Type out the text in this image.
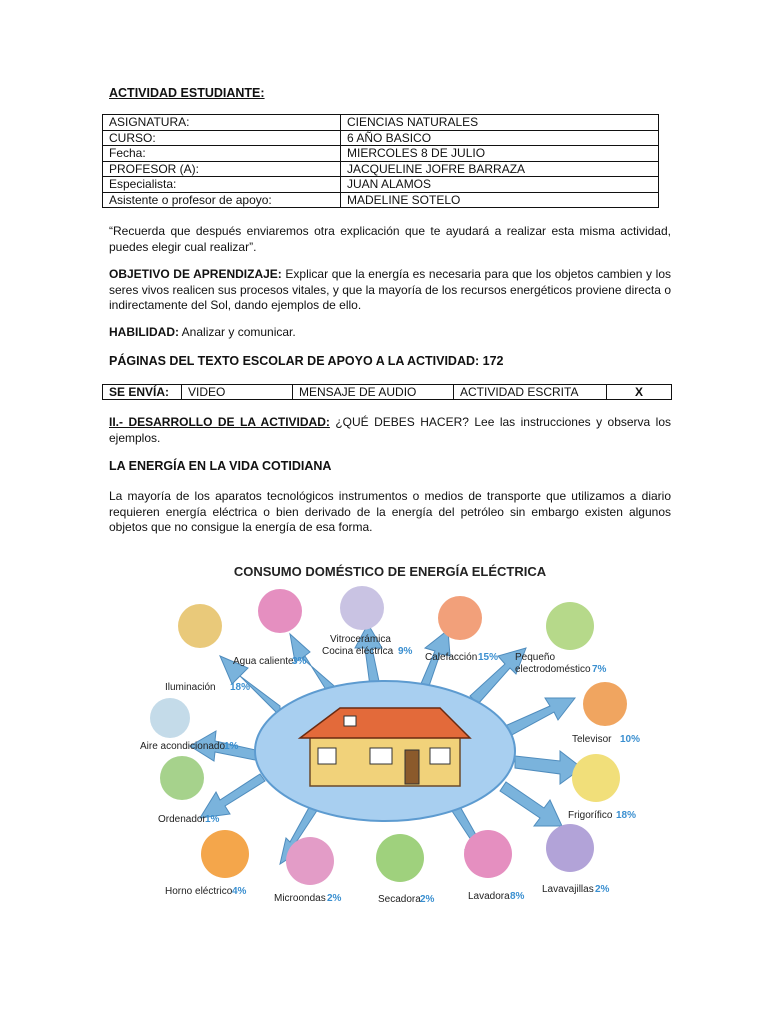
ACTIVIDAD ESTUDIANTE:
ASIGNATURA:	CIENCIAS NATURALES
CURSO:	6 AÑO BASICO
Fecha:	MIERCOLES 8 DE JULIO
PROFESOR (A):	JACQUELINE JOFRE BARRAZA
Especialista:	JUAN ALAMOS
Asistente o profesor de apoyo:	MADELINE SOTELO
“Recuerda que después enviaremos otra explicación que te ayudará a realizar esta misma actividad, puedes elegir cual realizar”.
OBJETIVO DE APRENDIZAJE: Explicar que la energía es necesaria para que los objetos cambien y los seres vivos realicen sus procesos vitales, y que la mayoría de los recursos energéticos proviene directa o indirectamente del Sol, dando ejemplos de ello.
HABILIDAD: Analizar y comunicar.
PÁGINAS DEL TEXTO ESCOLAR DE APOYO A LA ACTIVIDAD: 172
SE ENVÍA:	VIDEO	MENSAJE DE AUDIO	ACTIVIDAD ESCRITA	X
II.- DESARROLLO DE LA ACTIVIDAD: ¿QUÉ DEBES HACER? Lee las instrucciones y observa los ejemplos.
LA ENERGÍA EN LA VIDA COTIDIANA
La mayoría de los aparatos tecnológicos instrumentos o medios de transporte que utilizamos a diario requieren energía eléctrica o bien derivado de la energía del petróleo sin embargo existen algunos objetos que no consigue la energía de esa forma.
CONSUMO DOMÉSTICO DE ENERGÍA ELÉCTRICA
Iluminación 18%
Agua caliente
3%
Vitrocerámica
Cocina eléctrica 9%
Calefacción 15% Pequeño
electrodoméstico 7%
Aire acondicionado
1%
Televisor 10%
Ordenador 1%	Frigorífico 18%
Horno eléctrico 4%
Microondas 2%	Secadora 2%	Lavadora 8%
Lavavajillas 2%
